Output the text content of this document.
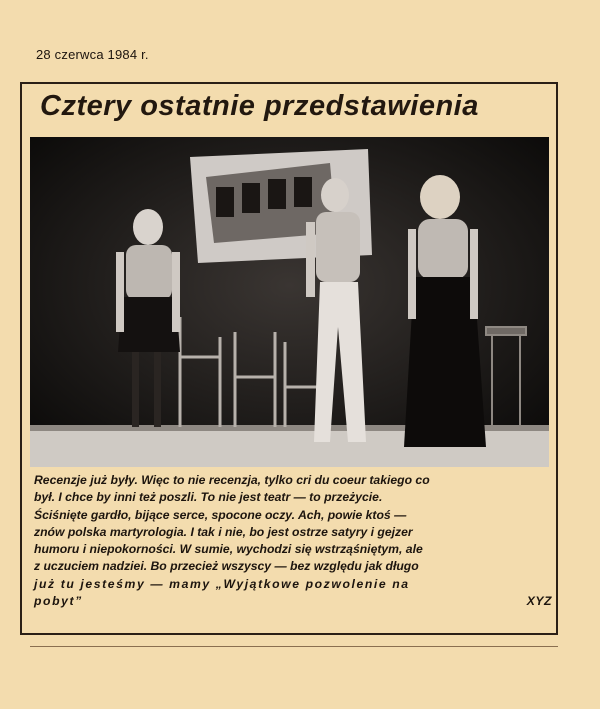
28 czerwca 1984 r.
Cztery ostatnie przedstawienia
Recenzje już były. Więc to nie recenzja, tylko cri du coeur takiego co
był. I chce by inni też poszli. To nie jest teatr — to przeżycie.
Ściśnięte gardło, bijące serce, spocone oczy. Ach, powie ktoś —
znów polska martyrologia. I tak i nie, bo jest ostrze satyry i gejzer
humoru i niepokorności. W sumie, wychodzi się wstrząśniętym, ale
z uczuciem nadziei. Bo przecież wszyscy — bez względu jak długo
już tu jesteśmy — mamy „Wyjątkowe pozwolenie na
pobyt”	XYZ
